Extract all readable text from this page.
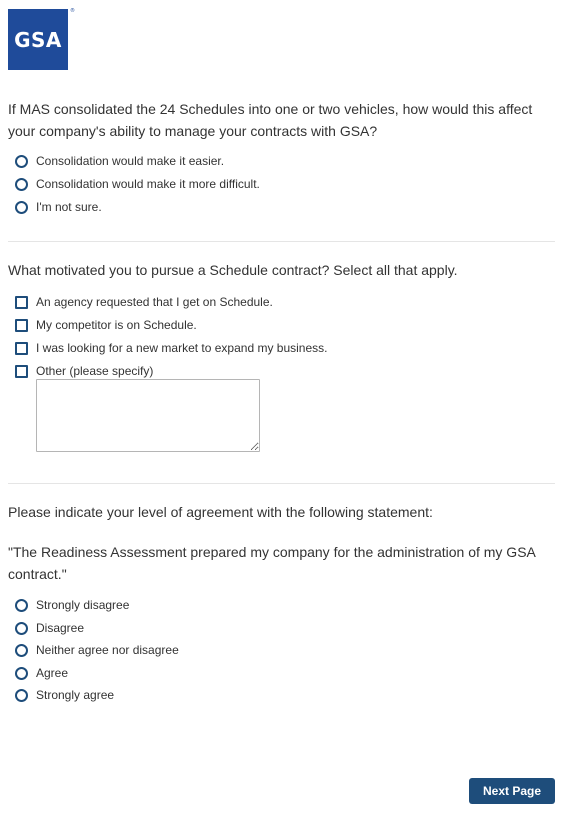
GSA
®

If MAS consolidated the 24 Schedules into one or two vehicles, how would this affect your company's ability to manage your contracts with GSA?

Consolidation would make it easier.
Consolidation would make it more difficult.
I'm not sure.

What motivated you to pursue a Schedule contract? Select all that apply.

An agency requested that I get on Schedule.
My competitor is on Schedule.
I was looking for a new market to expand my business.
Other (please specify)

Please indicate your level of agreement with the following statement:

"The Readiness Assessment prepared my company for the administration of my GSA contract."

Strongly disagree
Disagree
Neither agree nor disagree
Agree
Strongly agree
Next Page
